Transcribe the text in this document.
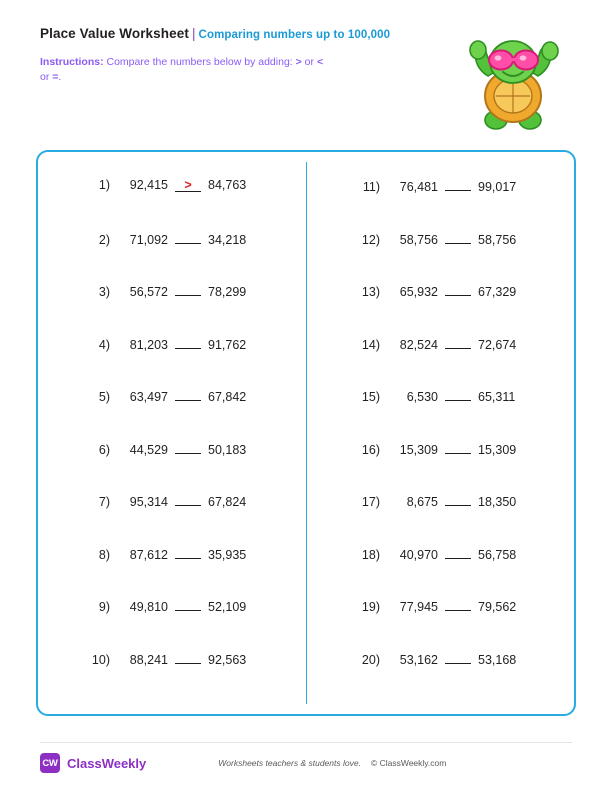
Place Value Worksheet | Comparing numbers up to 100,000
Instructions: Compare the numbers below by adding: > or < or =.
1)	92,415	>	84,763
2)	71,092	34,218
3)	56,572	78,299
4)	81,203	91,762
5)	63,497	67,842
6)	44,529	50,183
7)	95,314	67,824
8)	87,612	35,935
9)	49,810	52,109
10)	88,241	92,563
11)	76,481	99,017
12)	58,756	58,756
13)	65,932	67,329
14)	82,524	72,674
15)	6,530	65,311
16)	15,309	15,309
17)	8,675	18,350
18)	40,970	56,758
19)	77,945	79,562
20)	53,162	53,168
CW ClassWeekly	Worksheets teachers & students love. © ClassWeekly.com
